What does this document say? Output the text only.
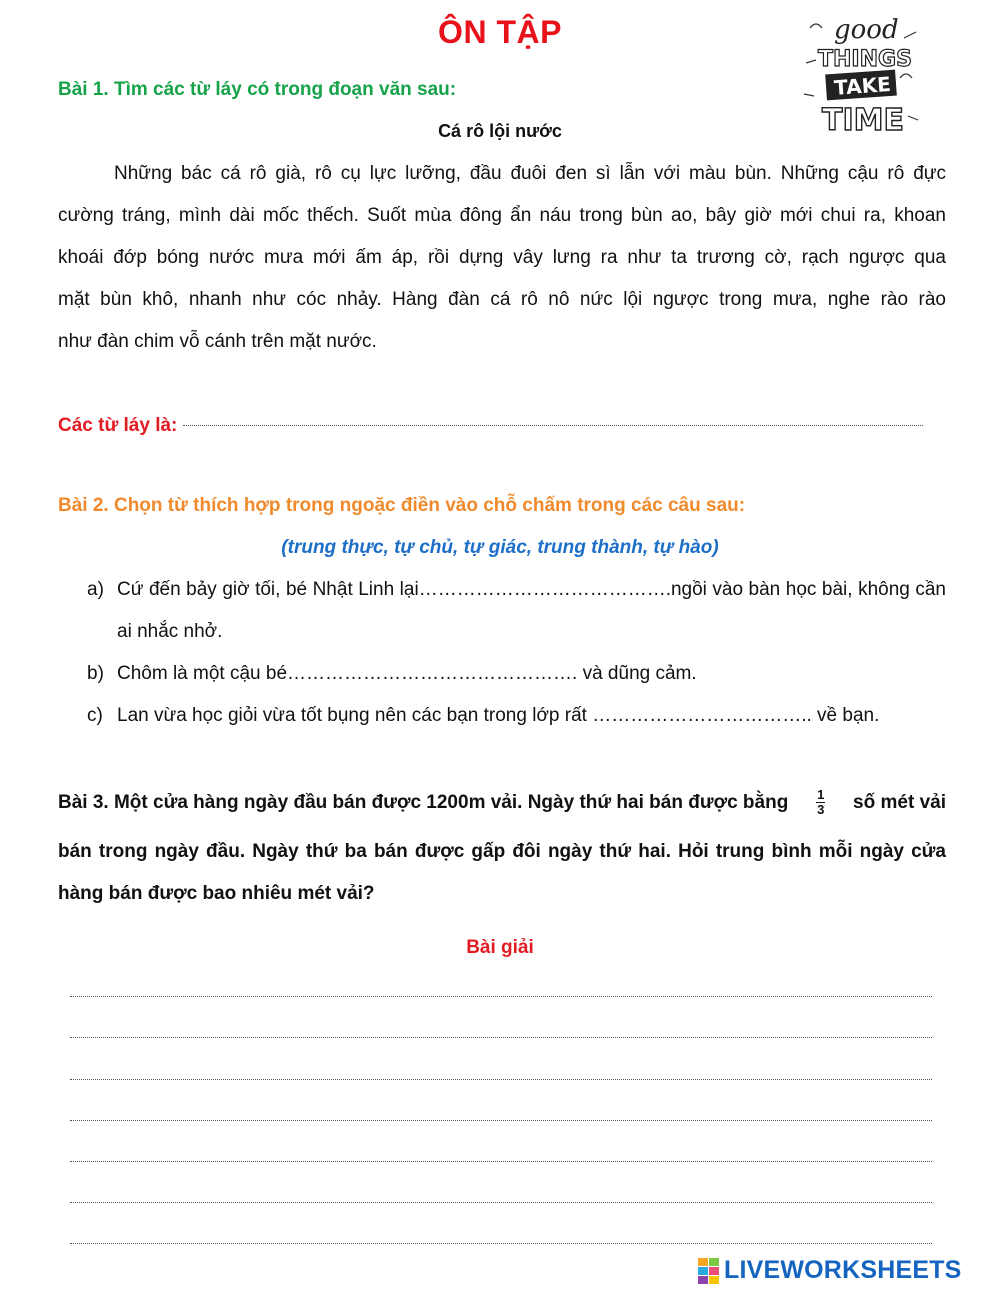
ÔN TẬP	good
THINGS
TAKE
TIME
Bài 1. Tìm các từ láy có trong đoạn văn sau:
Cá rô lội nước
Những bác cá rô già, rô cụ lực lưỡng, đầu đuôi đen sì lẫn với màu bùn. Những cậu rô đực
cường tráng, mình dài mốc thếch. Suốt mùa đông ẩn náu trong bùn ao, bây giờ mới chui ra, khoan
khoái đớp bóng nước mưa mới ấm áp, rồi dựng vây lưng ra như ta trương cờ, rạch ngược qua
mặt bùn khô, nhanh như cóc nhảy. Hàng đàn cá rô nô nức lội ngược trong mưa, nghe rào rào
như đàn chim vỗ cánh trên mặt nước.
Các từ láy là:
Bài 2. Chọn từ thích hợp trong ngoặc điền vào chỗ chấm trong các câu sau:
(trung thực, tự chủ, tự giác, trung thành, tự hào)
a) Cứ đến bảy giờ tối, bé Nhật Linh lại………………………………….ngồi vào bàn học bài, không cần
ai nhắc nhở.
b) Chôm là một cậu bé………………………………………. và dũng cảm.
c) Lan vừa học giỏi vừa tốt bụng nên các bạn trong lớp rất …………………………….. về bạn.
Bài 3. Một cửa hàng ngày đầu bán được 1200m vải. Ngày thứ hai bán được bằng $\frac{1}{3}$ số mét vải
bán trong ngày đầu. Ngày thứ ba bán được gấp đôi ngày thứ hai. Hỏi trung bình mỗi ngày cửa
hàng bán được bao nhiêu mét vải?
Bài giải
LIVEWORKSHEETS
